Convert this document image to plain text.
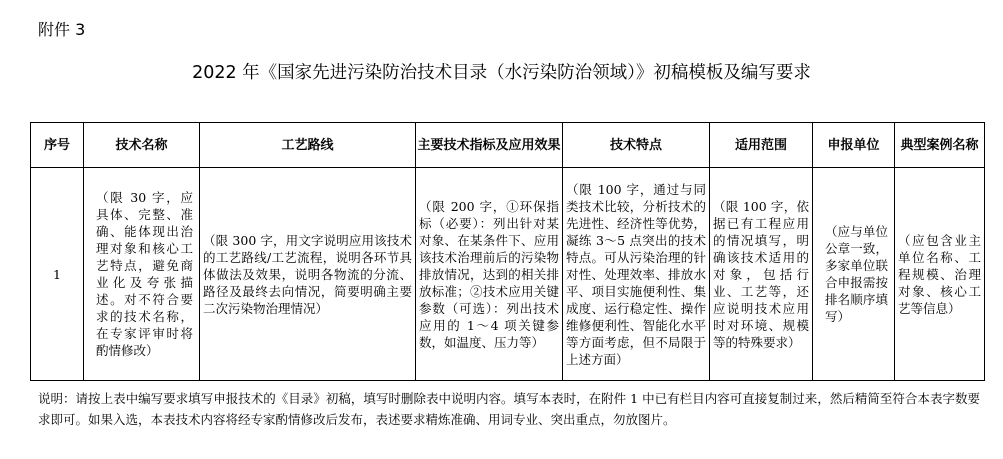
附件 3
2022 年《国家先进污染防治技术目录（水污染防治领域）》初稿模板及编写要求
序号	技术名称	工艺路线	主要技术指标及应用效果	技术特点	适用范围	申报单位	典型案例名称
1	（限 30 字，应具体、完整、准确、能体现出治理对象和核心工艺特点，避免商业化及夸张描述。对不符合要求的技术名称，在专家评审时将酌情修改）	（限 300 字，用文字说明应用该技术的工艺路线/工艺流程，说明各环节具体做法及效果，说明各物流的分流、路径及最终去向情况，简要明确主要二次污染物治理情况）	（限 200 字，①环保指标（必要）：列出针对某对象、在某条件下、应用该技术治理前后的污染物排放情况，达到的相关排放标准；②技术应用关键参数（可选）：列出技术应用的 1～4 项关键参数，如温度、压力等）	（限 100 字，通过与同类技术比较，分析技术的先进性、经济性等优势，凝练 3～5 点突出的技术特点。可从污染治理的针对性、处理效率、排放水平、项目实施便利性、集成度、运行稳定性、操作维修便利性、智能化水平等方面考虑，但不局限于上述方面）	（限 100 字，依据已有工程应用的情况填写，明确该技术适用的对象，包括行业、工艺等，还应说明技术应用时对环境、规模等的特殊要求）	（应与单位公章一致，多家单位联合申报需按排名顺序填写）	（应包含业主单位名称、工程规模、治理对象、核心工艺等信息）
说明：请按上表中编写要求填写申报技术的《目录》初稿，填写时删除表中说明内容。填写本表时，在附件 1 中已有栏目内容可直接复制过来，然后精简至符合本表字数要求即可。如果入选，本表技术内容将经专家酌情修改后发布，表述要求精炼准确、用词专业、突出重点，勿放图片。
